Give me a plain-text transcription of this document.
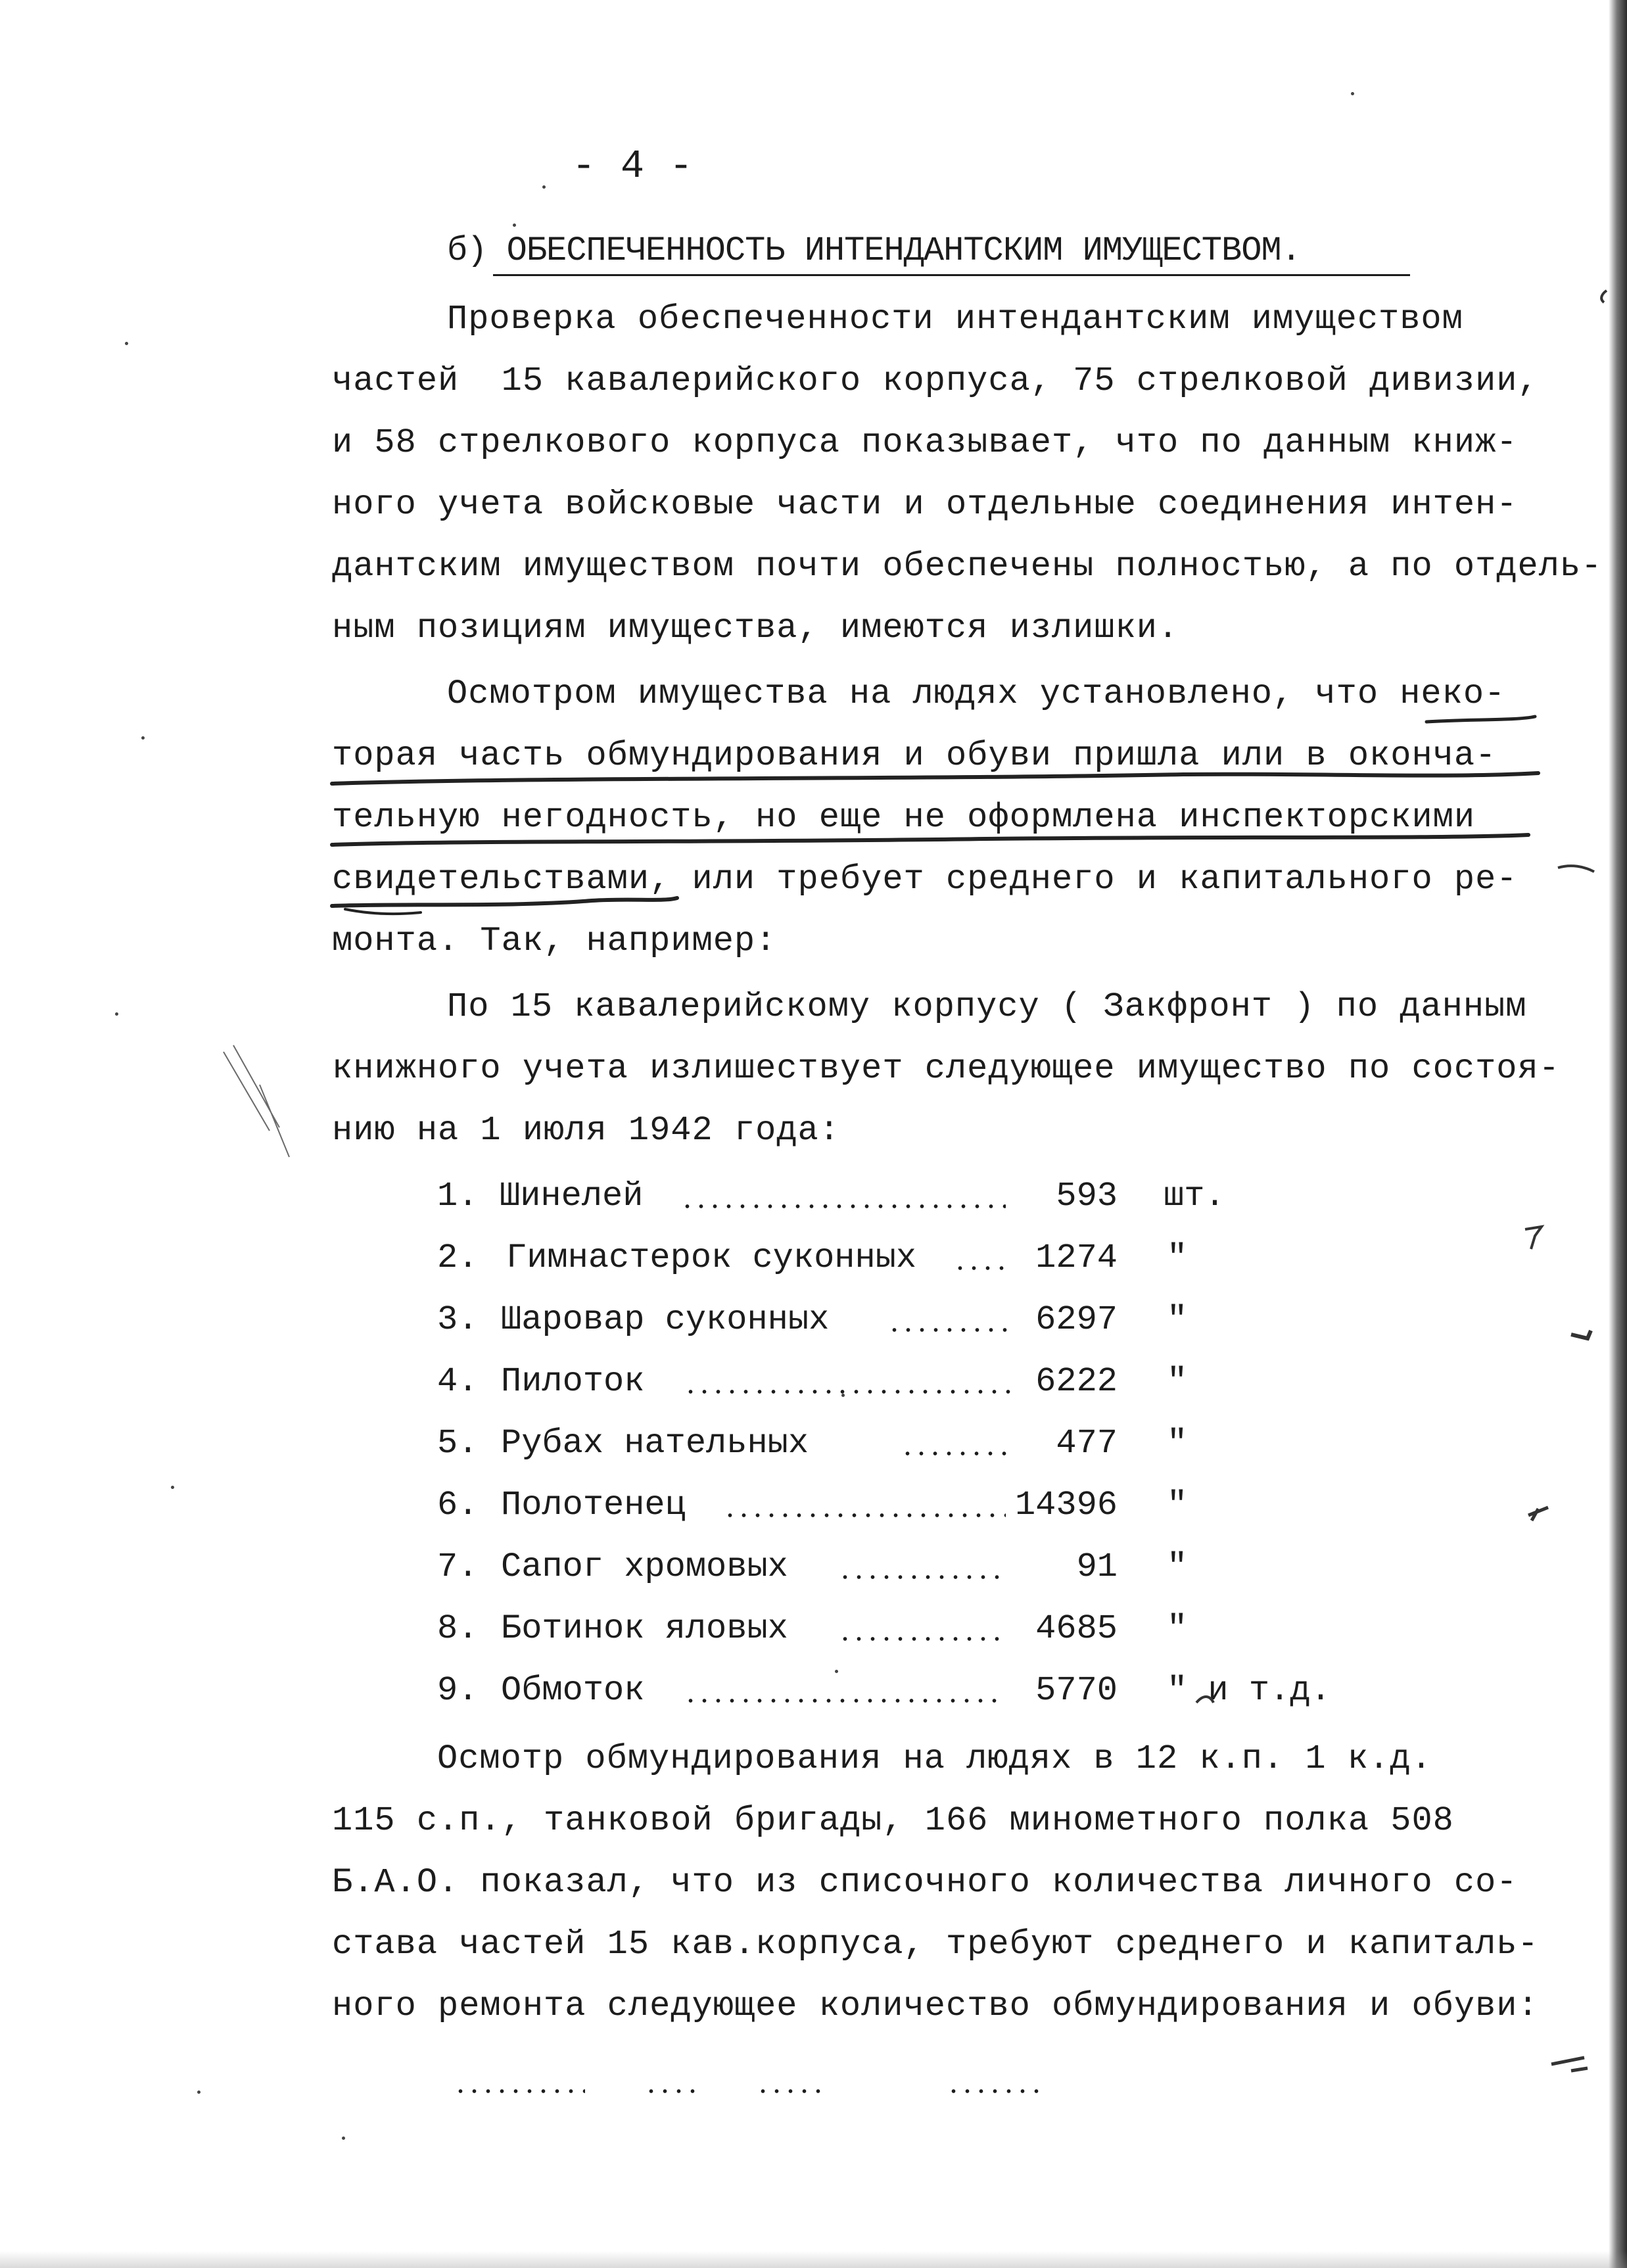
- 4 -

б) ОБЕСПЕЧЕННОСТЬ ИНТЕНДАНТСКИМ ИМУЩЕСТВОМ.

Проверка обеспеченности интендантским имуществом

частей  15 кавалерийского корпуса, 75 стрелковой дивизии,

и 58 стрелкового корпуса показывает, что по данным книж-

ного учета войсковые части и отдельные соединения интен-

дантским имуществом почти обеспечены полностью, а по отдель-

ным позициям имущества, имеются излишки.

Осмотром имущества на людях установлено, что неко-

торая часть обмундирования и обуви пришла или в оконча-

тельную негодность, но еще не оформлена инспекторскими

свидетельствами, или требует среднего и капитального ре-

монта. Так, например:

По 15 кавалерийскому корпусу ( Закфронт ) по данным

книжного учета излишествует следующее имущество по состоя-

нию на 1 июля 1942 года:

1. Шинелей	593 шт.
2. Гимнастерок суконных	1274 "
3. Шаровар суконных	6297 "
4. Пилоток	6222 "
5. Рубах нательных	477 "
6. Полотенец	14396 "
7. Сапог хромовых	91 "
8. Ботинок яловых	4685 "
9. Обмоток	5770 " и т.д.

Осмотр обмундирования на людях в 12 к.п. 1 к.д.

115 с.п., танковой бригады, 166 минометного полка 508

Б.А.О. показал, что из списочного количества личного со-

става частей 15 кав.корпуса, требуют среднего и капиталь-

ного ремонта следующее количество обмундирования и обуви:
